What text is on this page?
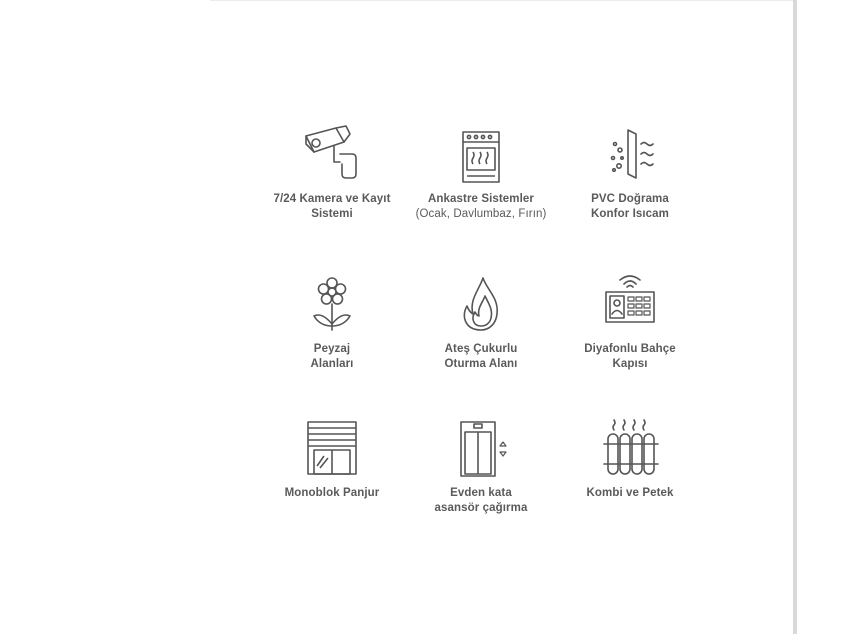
7/24 Kamera ve Kayıt
Sistemi
Ankastre Sistemler
(Ocak, Davlumbaz, Fırın)
PVC Doğrama
Konfor Isıcam
Peyzaj
Alanları
Ateş Çukurlu
Oturma Alanı
Diyafonlu Bahçe
Kapısı
Monoblok Panjur	Evden kata
asansör çağırma
Kombi ve Petek
